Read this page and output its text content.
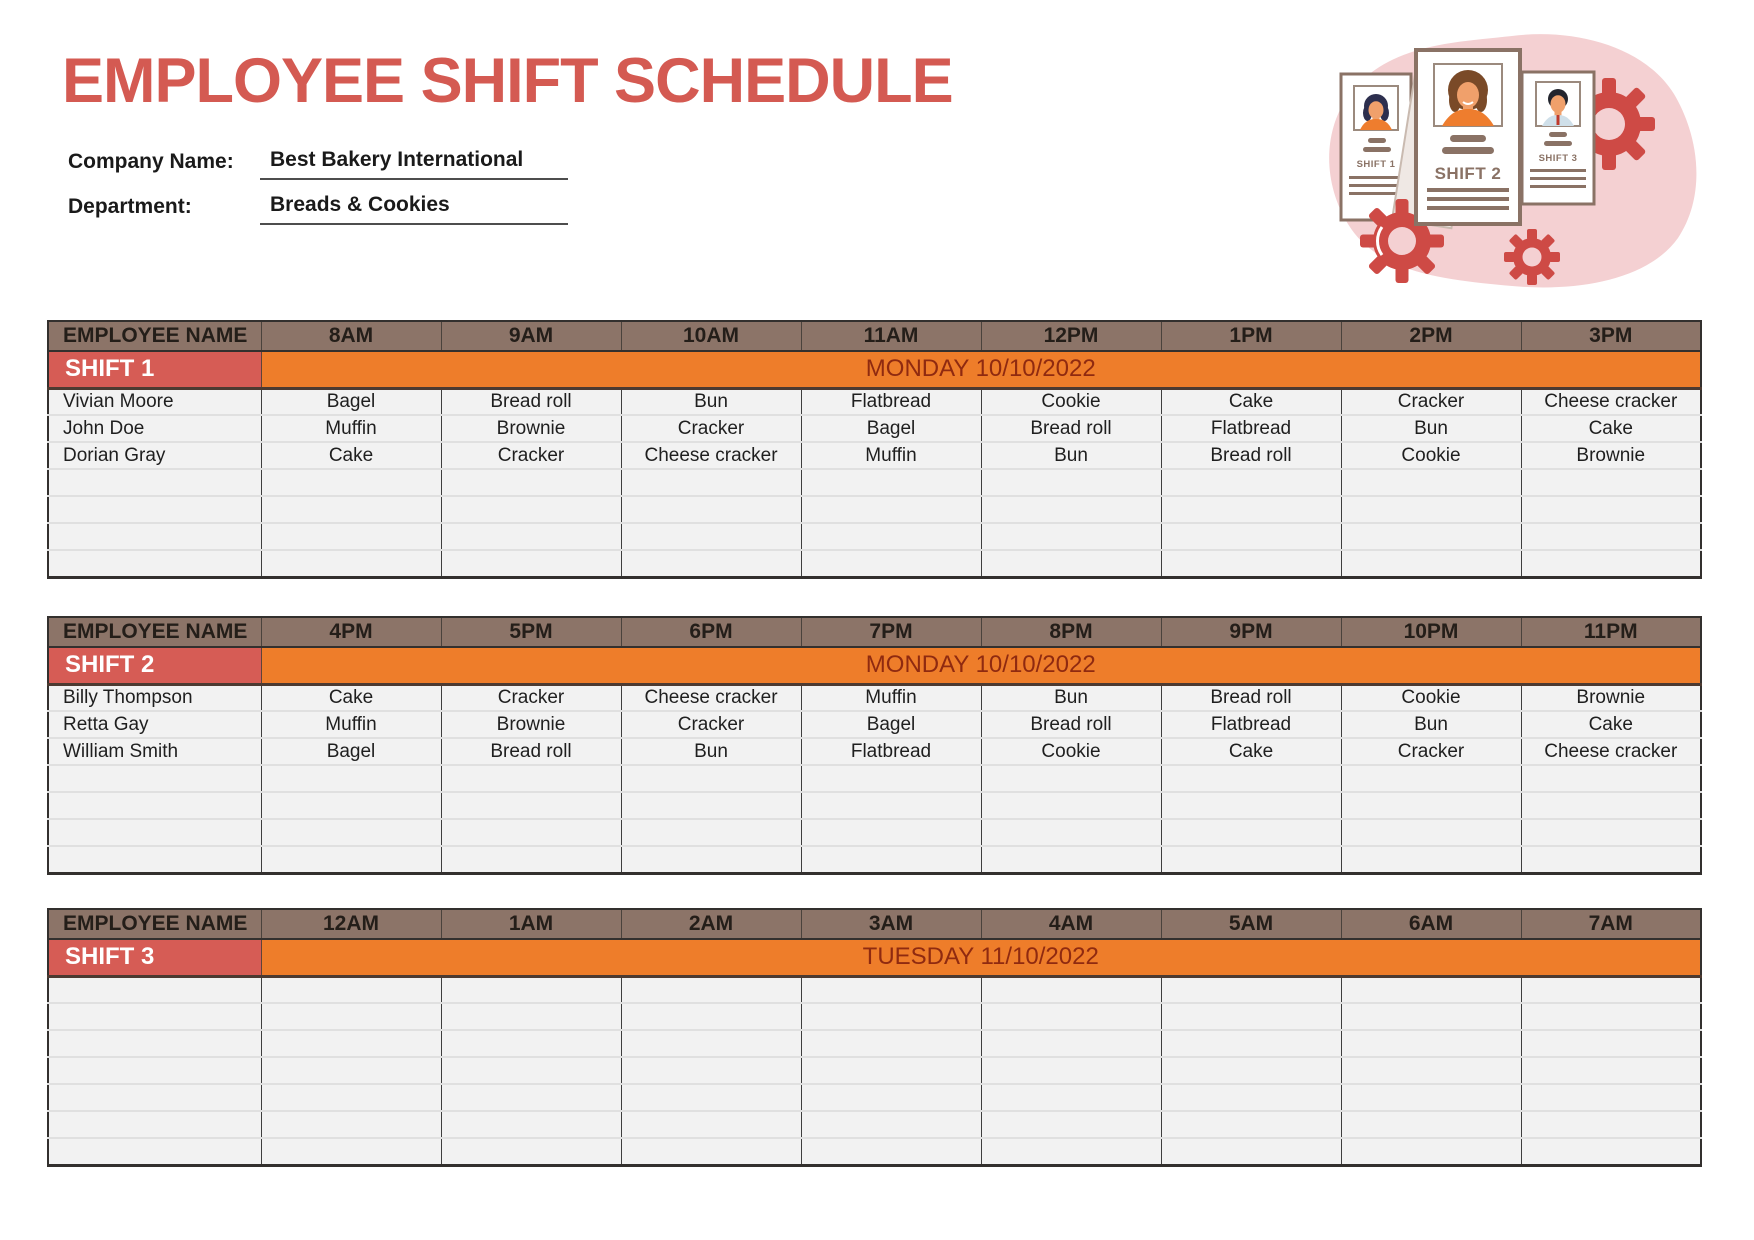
EMPLOYEE SHIFT SCHEDULE
Company Name:	Best Bakery International
Department:	Breads & Cookies
SHIFT 1
SHIFT 3
SHIFT 2
EMPLOYEE NAME	8AM	9AM	10AM	11AM	12PM	1PM	2PM	3PM
SHIFT 1	MONDAY 10/10/2022							
Vivian Moore	Bagel	Bread roll	Bun	Flatbread	Cookie	Cake	Cracker	Cheese cracker
John Doe	Muffin	Brownie	Cracker	Bagel	Bread roll	Flatbread	Bun	Cake
Dorian Gray	Cake	Cracker	Cheese cracker	Muffin	Bun	Bread roll	Cookie	Brownie

EMPLOYEE NAME	4PM	5PM	6PM	7PM	8PM	9PM	10PM	11PM
SHIFT 2	MONDAY 10/10/2022							
Billy Thompson	Cake	Cracker	Cheese cracker	Muffin	Bun	Bread roll	Cookie	Brownie
Retta Gay	Muffin	Brownie	Cracker	Bagel	Bread roll	Flatbread	Bun	Cake
William Smith	Bagel	Bread roll	Bun	Flatbread	Cookie	Cake	Cracker	Cheese cracker

EMPLOYEE NAME	12AM	1AM	2AM	3AM	4AM	5AM	6AM	7AM
SHIFT 3	TUESDAY 11/10/2022							
